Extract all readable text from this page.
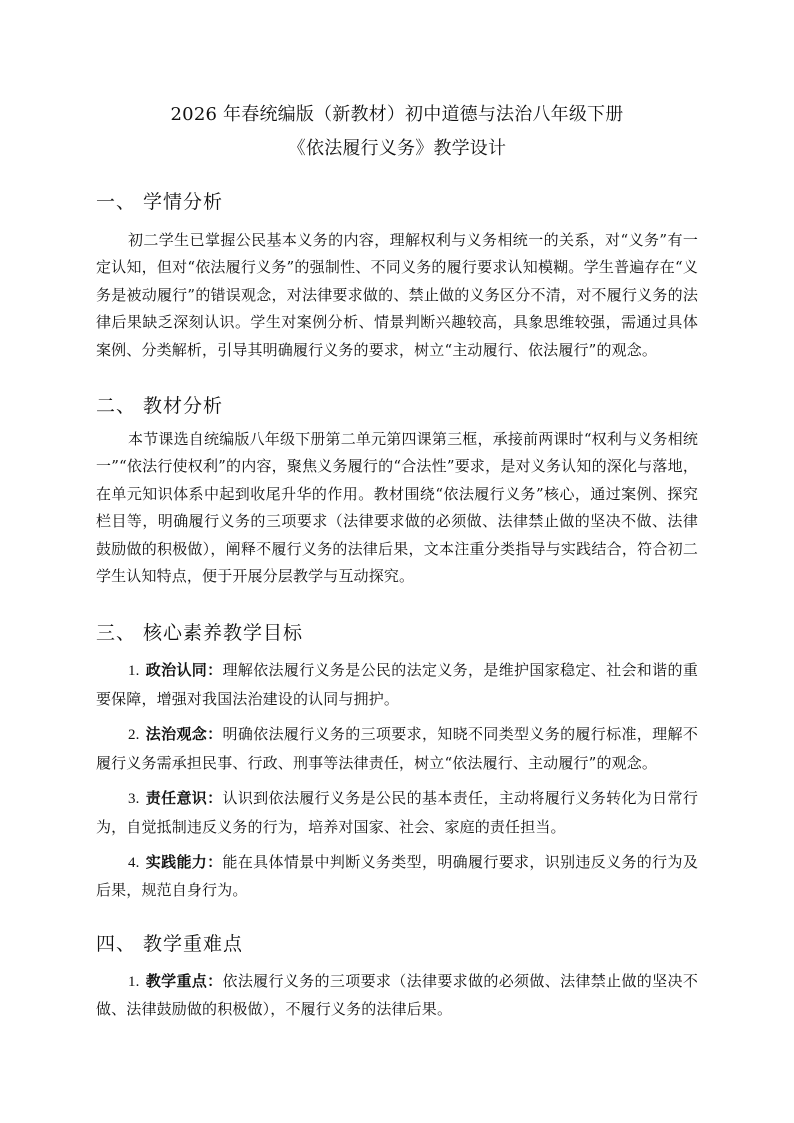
2026 年春统编版（新教材）初中道德与法治八年级下册
《依法履行义务》教学设计
一、 学情分析

初二学生已掌握公民基本义务的内容，理解权利与义务相统一的关系，对“义务”有一定认知，但对“依法履行义务”的强制性、不同义务的履行要求认知模糊。学生普遍存在“义务是被动履行”的错误观念，对法律要求做的、禁止做的义务区分不清，对不履行义务的法律后果缺乏深刻认识。学生对案例分析、情景判断兴趣较高，具象思维较强，需通过具体案例、分类解析，引导其明确履行义务的要求，树立“主动履行、依法履行”的观念。

二、 教材分析

本节课选自统编版八年级下册第二单元第四课第三框，承接前两课时“权利与义务相统一”“依法行使权利”的内容，聚焦义务履行的“合法性”要求，是对义务认知的深化与落地，在单元知识体系中起到收尾升华的作用。教材围绕“依法履行义务”核心，通过案例、探究栏目等，明确履行义务的三项要求（法律要求做的必须做、法律禁止做的坚决不做、法律鼓励做的积极做），阐释不履行义务的法律后果，文本注重分类指导与实践结合，符合初二学生认知特点，便于开展分层教学与互动探究。

三、 核心素养教学目标

1. 政治认同：理解依法履行义务是公民的法定义务，是维护国家稳定、社会和谐的重要保障，增强对我国法治建设的认同与拥护。

2. 法治观念：明确依法履行义务的三项要求，知晓不同类型义务的履行标准，理解不履行义务需承担民事、行政、刑事等法律责任，树立“依法履行、主动履行”的观念。

3. 责任意识：认识到依法履行义务是公民的基本责任，主动将履行义务转化为日常行为，自觉抵制违反义务的行为，培养对国家、社会、家庭的责任担当。

4. 实践能力：能在具体情景中判断义务类型，明确履行要求，识别违反义务的行为及后果，规范自身行为。

四、 教学重难点

1. 教学重点：依法履行义务的三项要求（法律要求做的必须做、法律禁止做的坚决不做、法律鼓励做的积极做），不履行义务的法律后果。
